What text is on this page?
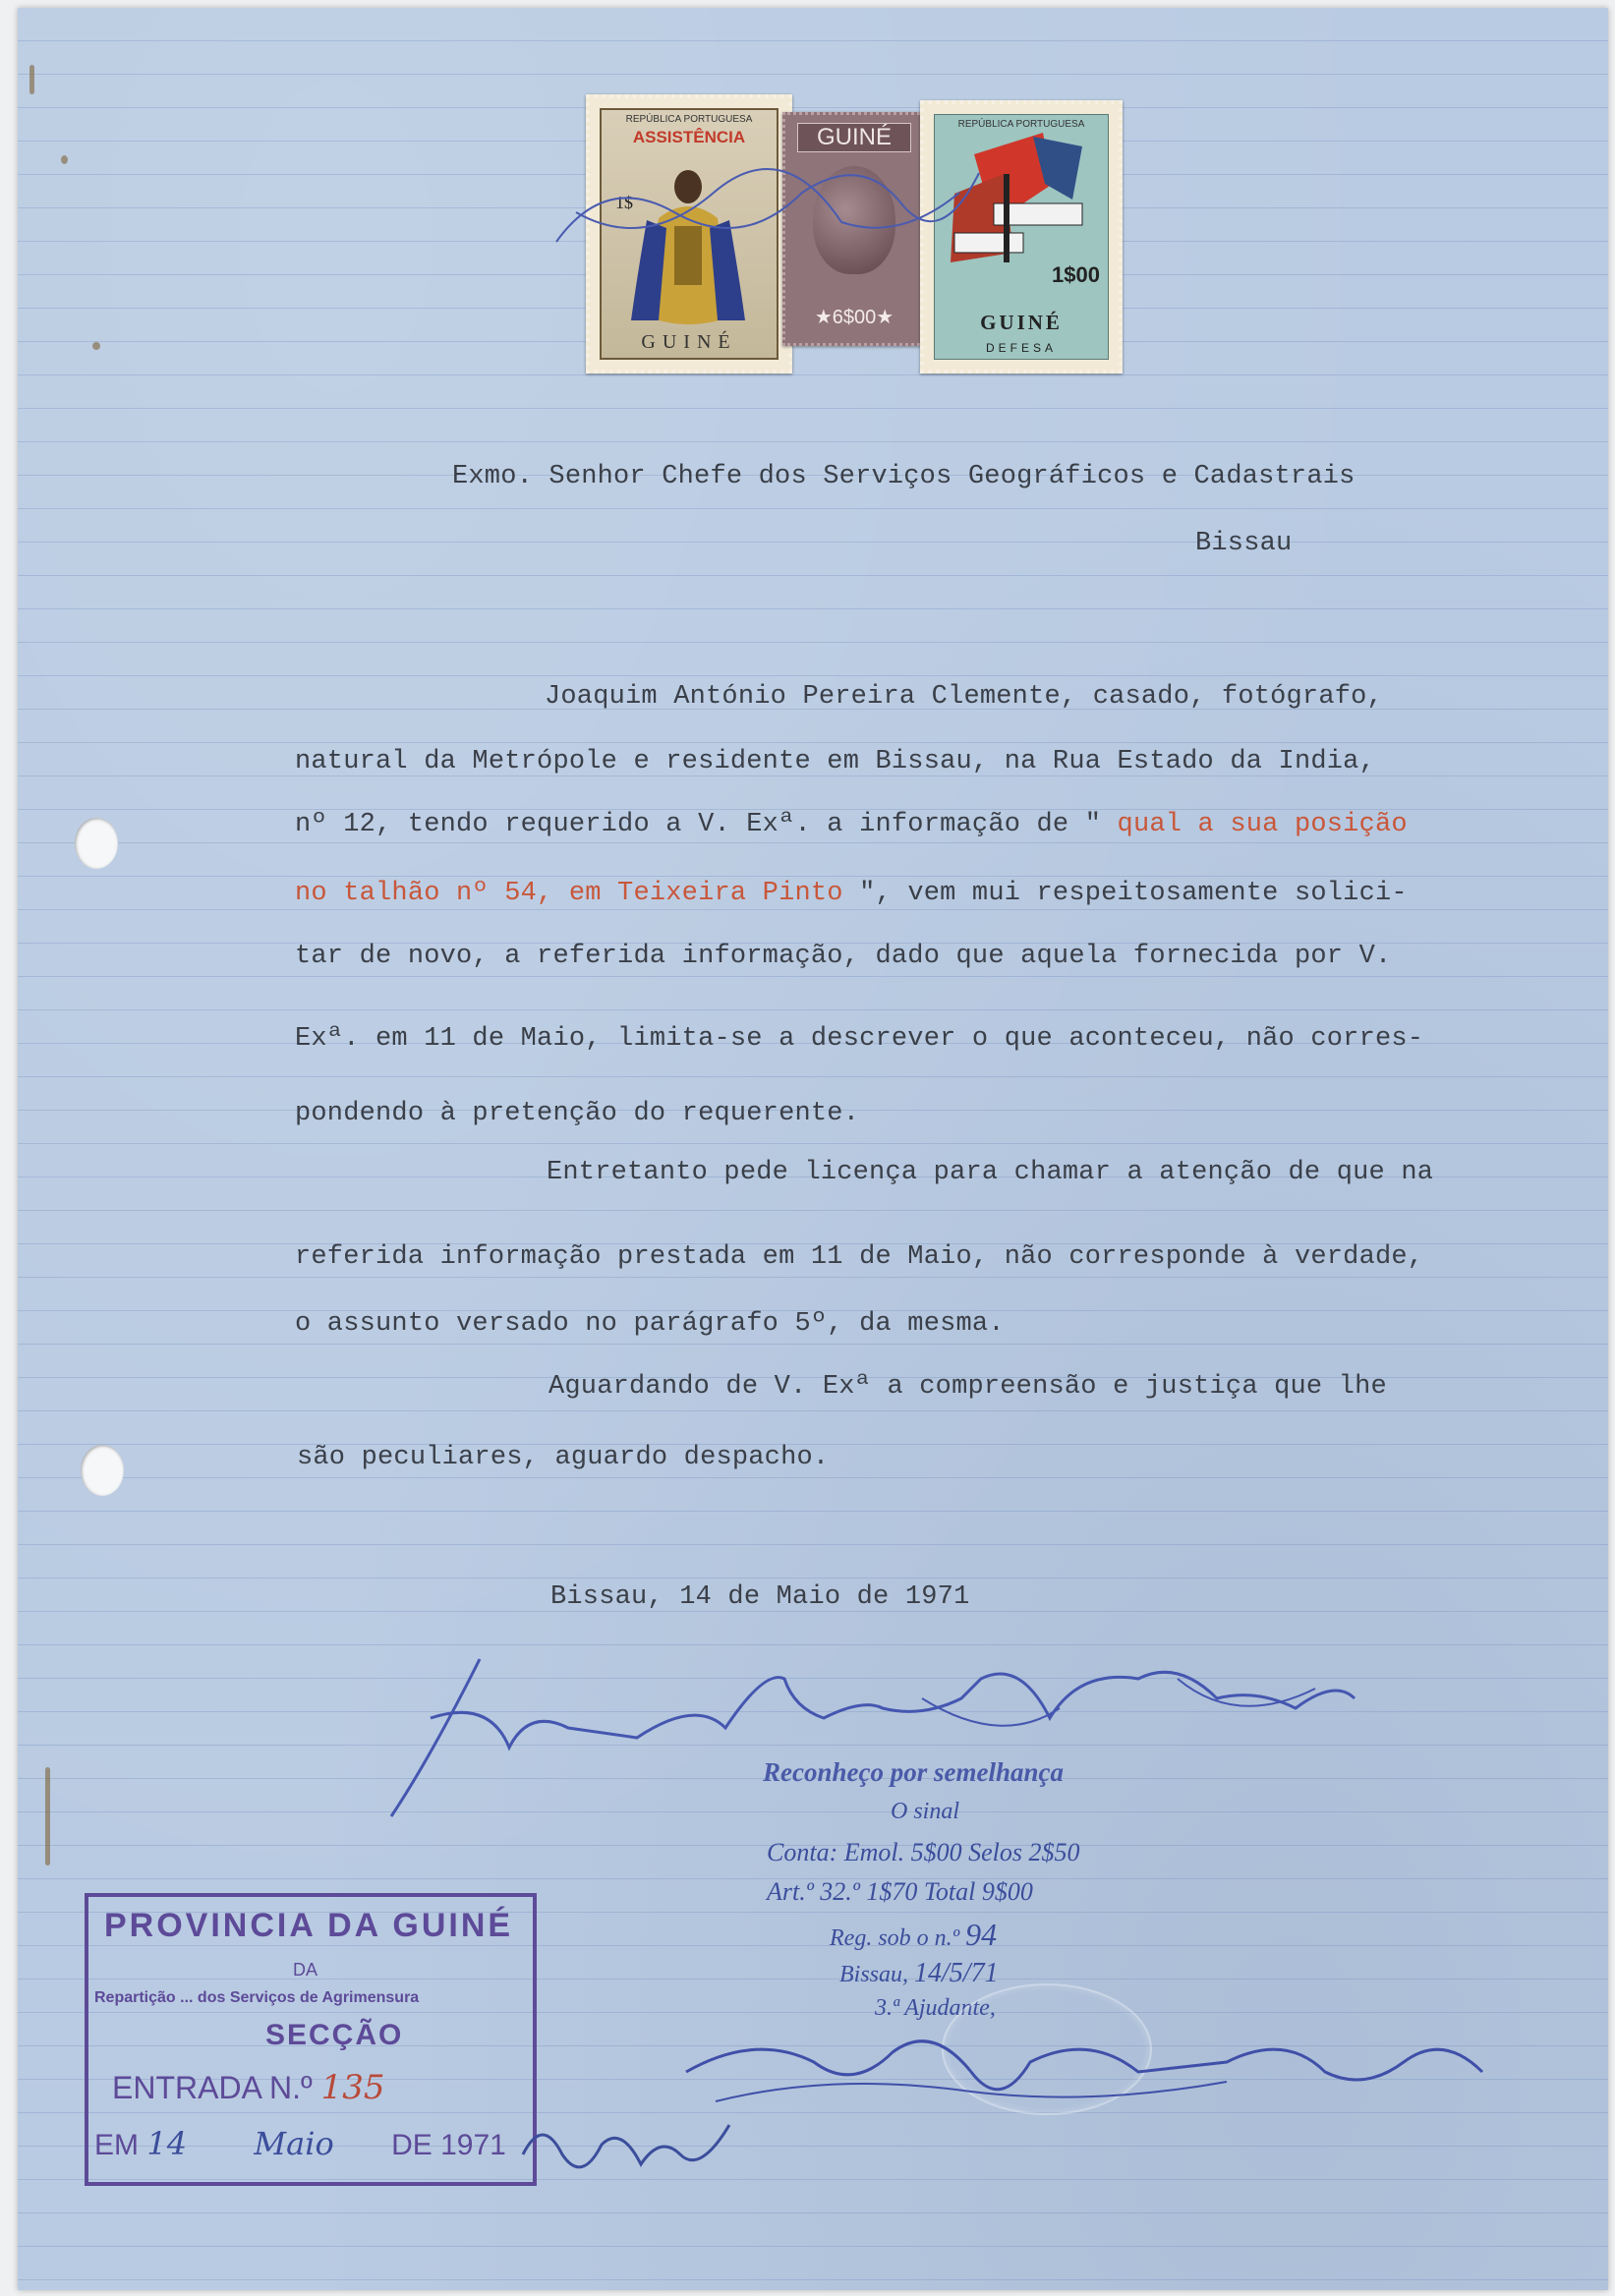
REPÚBLICA PORTUGUESA
ASSISTÊNCIA
1$
GUINÉ
GUINÉ
★6$00★
REPÚBLICA PORTUGUESA
1$00
GUINÉ
DEFESA
Exmo. Senhor Chefe dos Serviços Geográficos e Cadastrais
Bissau
Joaquim António Pereira Clemente, casado, fotógrafo,
natural da Metrópole e residente em Bissau, na Rua Estado da India,
nº 12, tendo requerido a V. Exª. a informação de " qual a sua posição
no talhão nº 54, em Teixeira Pinto ", vem mui respeitosamente solici-
tar de novo, a referida informação, dado que aquela fornecida por V.
Exª. em 11 de Maio, limita-se a descrever o que aconteceu, não corres-
pondendo à pretenção do requerente.
Entretanto pede licença para chamar a atenção de que na
referida informação prestada em 11 de Maio, não corresponde à verdade,
o assunto versado no parágrafo 5º, da mesma.
Aguardando de V. Exª a compreensão e justiça que lhe
são peculiares, aguardo despacho.
Bissau, 14 de Maio de 1971
Reconheço por semelhança
O sinal
Conta: Emol. 5$00 Selos 2$50
Art.º 32.º 1$70 Total 9$00
Reg. sob o n.º 94
Bissau, 14/5/71
3.ª Ajudante,
PROVINCIA DA GUINÉ
DA
Repartição ... dos Serviços de Agrimensura
SECÇÃO
ENTRADA N.º 135
EM 14 Maio DE 1971
